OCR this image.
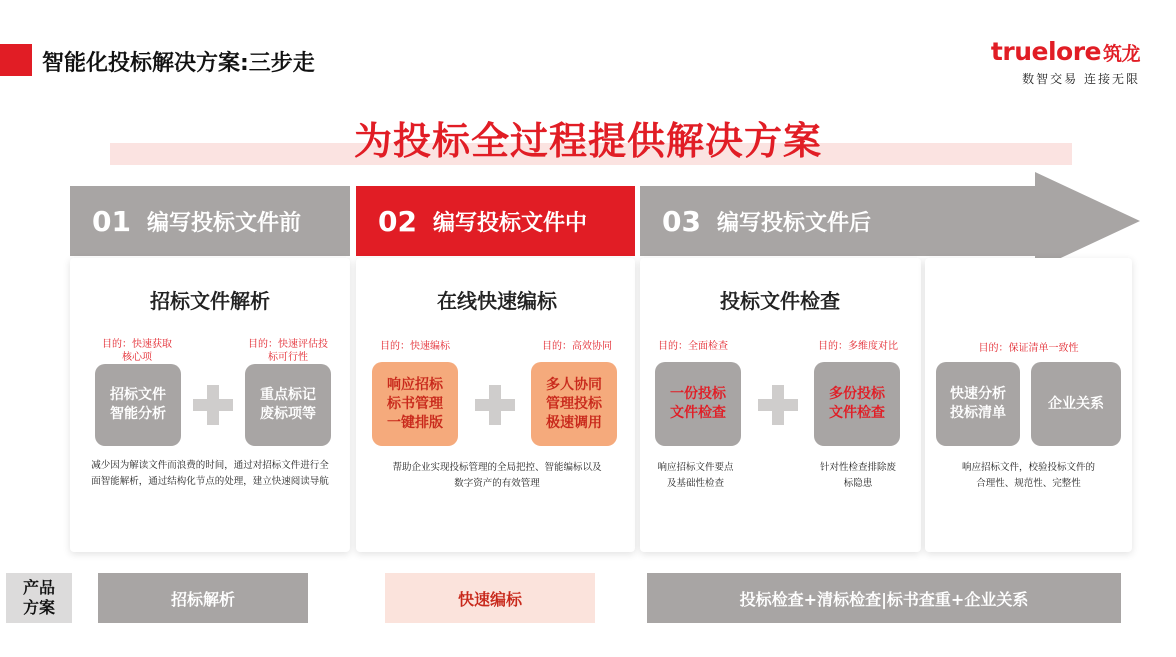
智能化投标解决方案:三步走	truelore 筑龙
数智交易 连接无限
为投标全过程提供解决方案
01 编写投标文件前	02 编写投标文件中	03 编写投标文件后
招标文件解析
目的：快速获取
核心项
目的：快速评估投
标可行性
招标文件
智能分析
重点标记
废标项等
减少因为解读文件而浪费的时间，通过对招标文件进行全
面智能解析，通过结构化节点的处理，建立快速阅读导航
在线快速编标
目的：快速编标	目的：高效协同
响应招标
标书管理
一键排版
多人协同
管理投标
极速调用
帮助企业实现投标管理的全局把控、智能编标以及
数字资产的有效管理
投标文件检查
目的：全面检查	目的：多维度对比
一份投标
文件检查
多份投标
文件检查
响应招标文件要点
及基础性检查
针对性检查排除废
标隐患
目的：保证清单一致性
快速分析
投标清单
企业关系
响应招标文件，校验投标文件的
合理性、规范性、完整性
产品
方案	招标解析	快速编标	投标检查+清标检查|标书查重+企业关系
